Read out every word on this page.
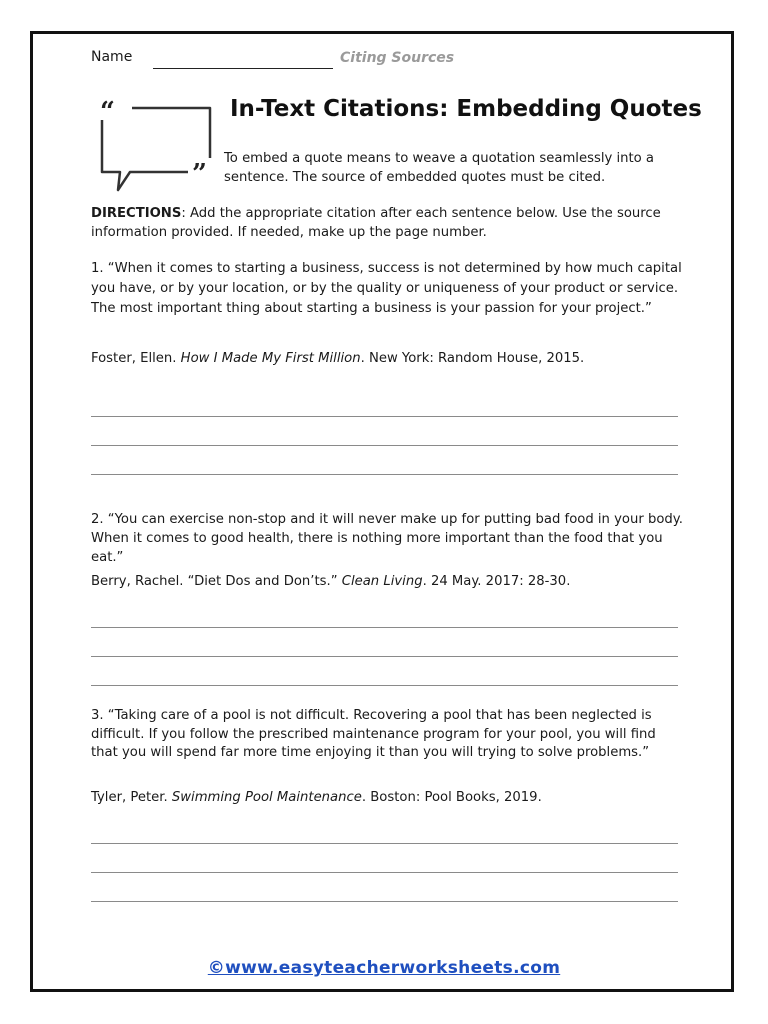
Name	Citing Sources
“
”
In-Text Citations: Embedding Quotes
To embed a quote means to weave a quotation seamlessly into a sentence. The source of embedded quotes must be cited.
DIRECTIONS: Add the appropriate citation after each sentence below. Use the source information provided. If needed, make up the page number.
1. “When it comes to starting a business, success is not determined by how much capital you have, or by your location, or by the quality or uniqueness of your product or service. The most important thing about starting a business is your passion for your project.”
Foster, Ellen. How I Made My First Million. New York: Random House, 2015.
2. “You can exercise non-stop and it will never make up for putting bad food in your body. When it comes to good health, there is nothing more important than the food that you eat.”
Berry, Rachel. “Diet Dos and Don’ts.” Clean Living. 24 May. 2017: 28-30.
3. “Taking care of a pool is not difficult. Recovering a pool that has been neglected is difficult. If you follow the prescribed maintenance program for your pool, you will find that you will spend far more time enjoying it than you will trying to solve problems.”
Tyler, Peter. Swimming Pool Maintenance. Boston: Pool Books, 2019.
©www.easyteacherworksheets.com
